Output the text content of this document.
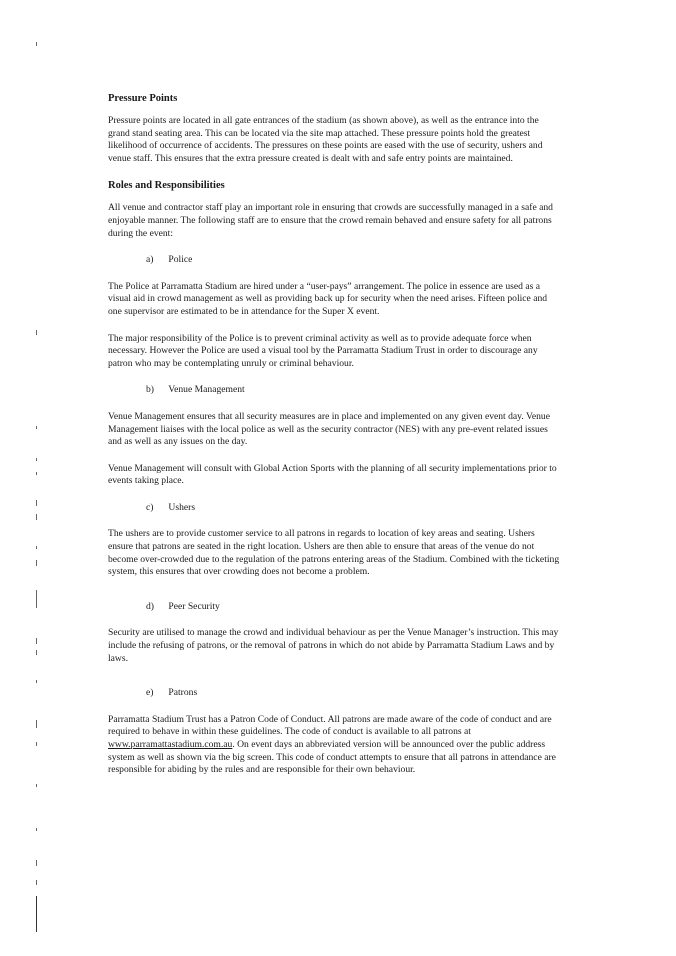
Pressure Points

Pressure points are located in all gate entrances of the stadium (as shown above), as well as the entrance into the grand stand seating area. This can be located via the site map attached. These pressure points hold the greatest likelihood of occurrence of accidents. The pressures on these points are eased with the use of security, ushers and venue staff. This ensures that the extra pressure created is dealt with and safe entry points are maintained.

Roles and Responsibilities

All venue and contractor staff play an important role in ensuring that crowds are successfully managed in a safe and enjoyable manner. The following staff are to ensure that the crowd remain behaved and ensure safety for all patrons during the event:

a) Police

The Police at Parramatta Stadium are hired under a “user-pays” arrangement. The police in essence are used as a visual aid in crowd management as well as providing back up for security when the need arises. Fifteen police and one supervisor are estimated to be in attendance for the Super X event.

The major responsibility of the Police is to prevent criminal activity as well as to provide adequate force when necessary. However the Police are used a visual tool by the Parramatta Stadium Trust in order to discourage any patron who may be contemplating unruly or criminal behaviour.

b) Venue Management

Venue Management ensures that all security measures are in place and implemented on any given event day. Venue Management liaises with the local police as well as the security contractor (NES) with any pre-event related issues and as well as any issues on the day.

Venue Management will consult with Global Action Sports with the planning of all security implementations prior to events taking place.

c) Ushers

The ushers are to provide customer service to all patrons in regards to location of key areas and seating. Ushers ensure that patrons are seated in the right location. Ushers are then able to ensure that areas of the venue do not become over-crowded due to the regulation of the patrons entering areas of the Stadium. Combined with the ticketing system, this ensures that over crowding does not become a problem.

d) Peer Security

Security are utilised to manage the crowd and individual behaviour as per the Venue Manager’s instruction. This may include the refusing of patrons, or the removal of patrons in which do not abide by Parramatta Stadium Laws and by laws.

e) Patrons

Parramatta Stadium Trust has a Patron Code of Conduct. All patrons are made aware of the code of conduct and are required to behave in within these guidelines. The code of conduct is available to all patrons at www.parramattastadium.com.au. On event days an abbreviated version will be announced over the public address system as well as shown via the big screen. This code of conduct attempts to ensure that all patrons in attendance are responsible for abiding by the rules and are responsible for their own behaviour.
